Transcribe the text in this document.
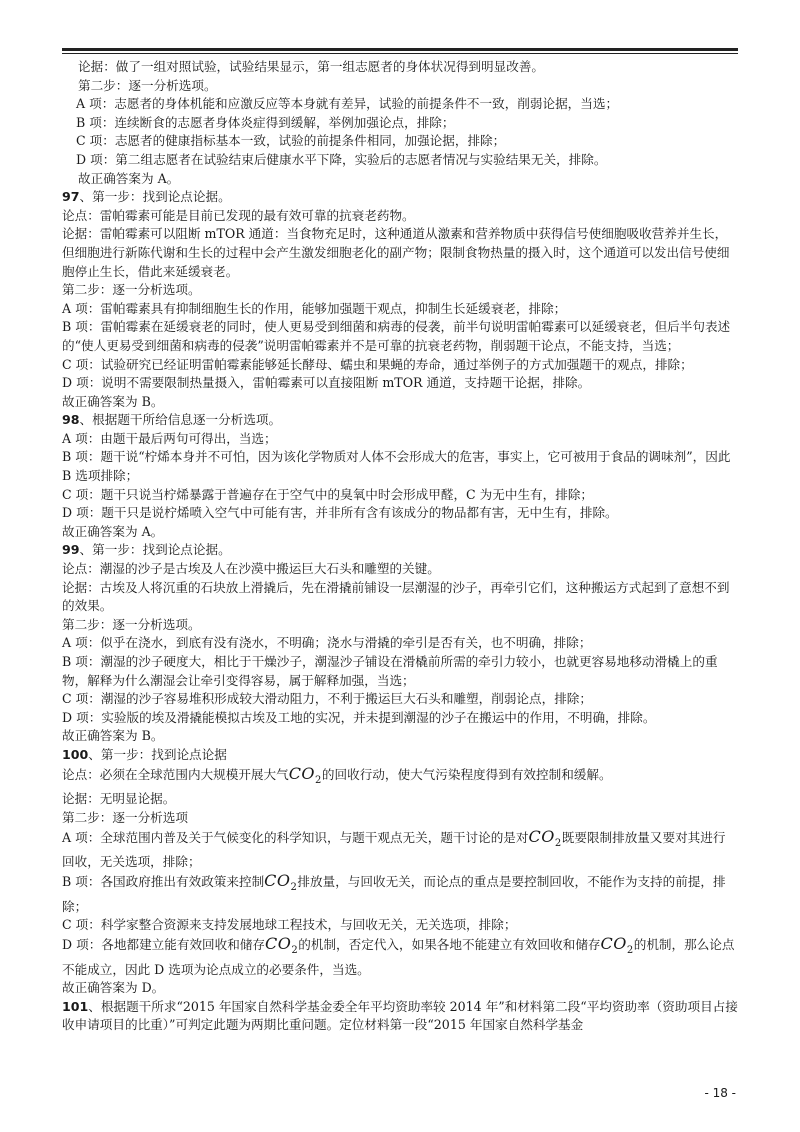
论据：做了一组对照试验，试验结果显示，第一组志愿者的身体状况得到明显改善。
第二步：逐一分析选项。
A 项：志愿者的身体机能和应激反应等本身就有差异，试验的前提条件不一致，削弱论据，当选；
B 项：连续断食的志愿者身体炎症得到缓解，举例加强论点，排除；
C 项：志愿者的健康指标基本一致，试验的前提条件相同，加强论据，排除；
D 项：第二组志愿者在试验结束后健康水平下降，实验后的志愿者情况与实验结果无关，排除。
故正确答案为 A。
97、第一步：找到论点论据。
论点：雷帕霉素可能是目前已发现的最有效可靠的抗衰老药物。
论据：雷帕霉素可以阻断 mTOR 通道：当食物充足时，这种通道从激素和营养物质中获得信号使细胞吸收营养并生长，但细胞进行新陈代谢和生长的过程中会产生激发细胞老化的副产物；限制食物热量的摄入时，这个通道可以发出信号使细胞停止生长，借此来延缓衰老。
第二步：逐一分析选项。
A 项：雷帕霉素具有抑制细胞生长的作用，能够加强题干观点，抑制生长延缓衰老，排除；
B 项：雷帕霉素在延缓衰老的同时，使人更易受到细菌和病毒的侵袭，前半句说明雷帕霉素可以延缓衰老，但后半句表述的“使人更易受到细菌和病毒的侵袭”说明雷帕霉素并不是可靠的抗衰老药物，削弱题干论点，不能支持，当选；
C 项：试验研究已经证明雷帕霉素能够延长酵母、蠕虫和果蝇的寿命，通过举例子的方式加强题干的观点，排除；
D 项：说明不需要限制热量摄入，雷帕霉素可以直接阻断 mTOR 通道，支持题干论据，排除。
故正确答案为 B。
98、根据题干所给信息逐一分析选项。
A 项：由题干最后两句可得出，当选；
B 项：题干说“柠烯本身并不可怕，因为该化学物质对人体不会形成大的危害，事实上，它可被用于食品的调味剂”，因此 B 选项排除；
C 项：题干只说当柠烯暴露于普遍存在于空气中的臭氧中时会形成甲醛，C 为无中生有，排除；
D 项：题干只是说柠烯喷入空气中可能有害，并非所有含有该成分的物品都有害，无中生有，排除。
故正确答案为 A。
99、第一步：找到论点论据。
论点：潮湿的沙子是古埃及人在沙漠中搬运巨大石头和雕塑的关键。
论据：古埃及人将沉重的石块放上滑撬后，先在滑撬前铺设一层潮湿的沙子，再牵引它们，这种搬运方式起到了意想不到的效果。
第二步：逐一分析选项。
A 项：似乎在浇水，到底有没有浇水，不明确；浇水与滑撬的牵引是否有关，也不明确，排除；
B 项：潮湿的沙子硬度大，相比于干燥沙子，潮湿沙子铺设在滑橇前所需的牵引力较小，也就更容易地移动滑橇上的重物，解释为什么潮湿会让牵引变得容易，属于解释加强，当选；
C 项：潮湿的沙子容易堆积形成较大滑动阻力，不利于搬运巨大石头和雕塑，削弱论点，排除；
D 项：实验版的埃及滑撬能模拟古埃及工地的实况，并未提到潮湿的沙子在搬运中的作用，不明确，排除。
故正确答案为 B。
100、第一步：找到论点论据
论点：必须在全球范围内大规模开展大气$CO_2$的回收行动，使大气污染程度得到有效控制和缓解。
论据：无明显论据。
第二步：逐一分析选项
A 项：全球范围内普及关于气候变化的科学知识，与题干观点无关，题干讨论的是对$CO_2$既要限制排放量又要对其进行回收，无关选项，排除；
B 项：各国政府推出有效政策来控制$CO_2$排放量，与回收无关，而论点的重点是要控制回收，不能作为支持的前提，排除；
C 项：科学家整合资源来支持发展地球工程技术，与回收无关，无关选项，排除；
D 项：各地都建立能有效回收和储存$CO_2$的机制，否定代入，如果各地不能建立有效回收和储存$CO_2$的机制，那么论点不能成立，因此 D 选项为论点成立的必要条件，当选。
故正确答案为 D。
101、根据题干所求“2015 年国家自然科学基金委全年平均资助率较 2014 年”和材料第二段“平均资助率（资助项目占接收申请项目的比重）”可判定此题为两期比重问题。定位材料第一段“2015 年国家自然科学基金
- 18 -
